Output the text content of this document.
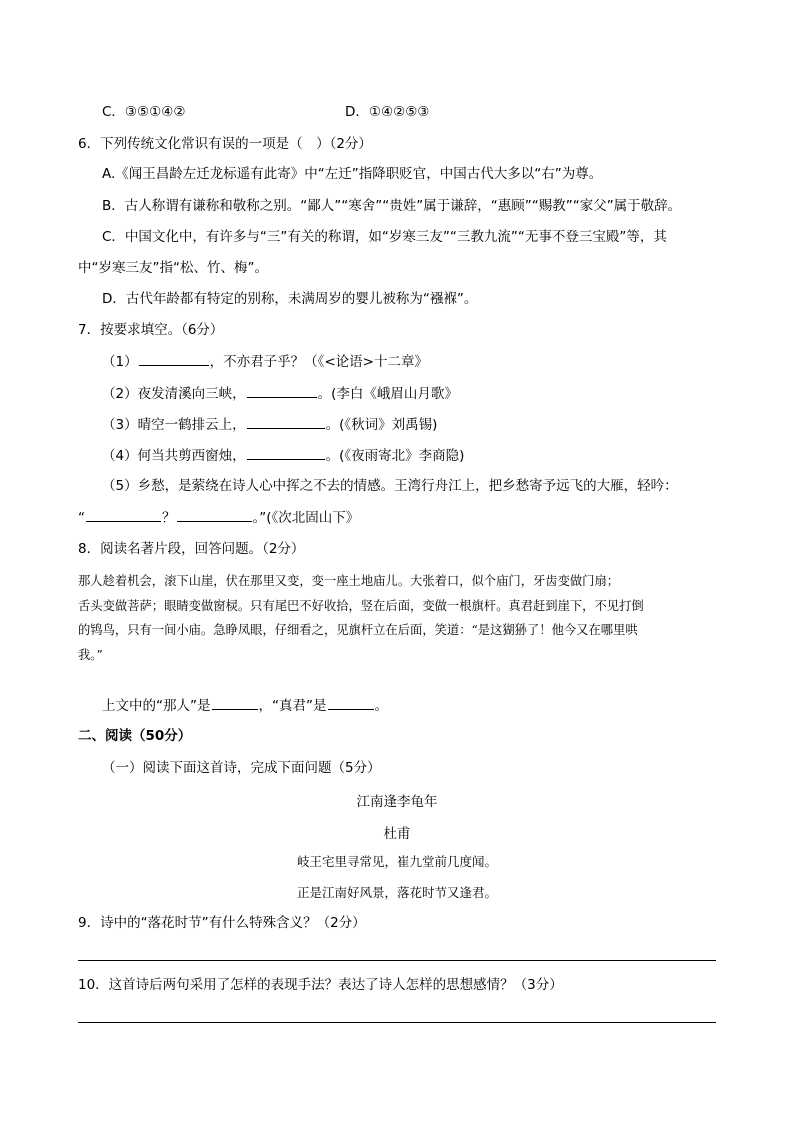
C．③⑤①④②	D．①④②⑤③
6．下列传统文化常识有误的一项是（　）（2分）
A.《闻王昌龄左迁龙标遥有此寄》中“左迁”指降职贬官，中国古代大多以“右”为尊。
B．古人称谓有谦称和敬称之别。“鄙人”“寒舍”“贵姓”属于谦辞，“惠顾”“赐教”“家父”属于敬辞。
C．中国文化中，有许多与“三”有关的称谓，如“岁寒三友”“三教九流”“无事不登三宝殿”等，其
中“岁寒三友”指“松、竹、梅”。
D．古代年龄都有特定的别称，未满周岁的婴儿被称为“襁褓”。
7．按要求填空。（6分）
（1）	，不亦君子乎？（《<论语>十二章》
（2）夜发清溪向三峡，	。(李白《峨眉山月歌》
（3）晴空一鹤排云上，	。(《秋词》刘禹锡)
（4）何当共剪西窗烛，	。(《夜雨寄北》李商隐)
（5）乡愁，是萦绕在诗人心中挥之不去的情感。王湾行舟江上，把乡愁寄予远飞的大雁，轻吟：
“	？	。”(《次北固山下》
8．阅读名著片段，回答问题。（2分）

那人趁着机会，滚下山崖，伏在那里又变，变一座土地庙儿。大张着口，似个庙门，牙齿变做门扇；

舌头变做菩萨；眼睛变做窗棂。只有尾巴不好收拾，竖在后面，变做一根旗杆。真君赶到崖下，不见打倒

的鸨鸟，只有一间小庙。急睁凤眼，仔细看之，见旗杆立在后面，笑道：“是这猢狲了！他今又在哪里哄

我。”

上文中的“那人”是	，“真君”是	。
二、阅读（50分）
（一）阅读下面这首诗，完成下面问题（5分）
江南逢李龟年
杜甫
岐王宅里寻常见，崔九堂前几度闻。
正是江南好风景，落花时节又逢君。
9．诗中的“落花时节”有什么特殊含义？（2分）
10．这首诗后两句采用了怎样的表现手法？表达了诗人怎样的思想感情？（3分）
